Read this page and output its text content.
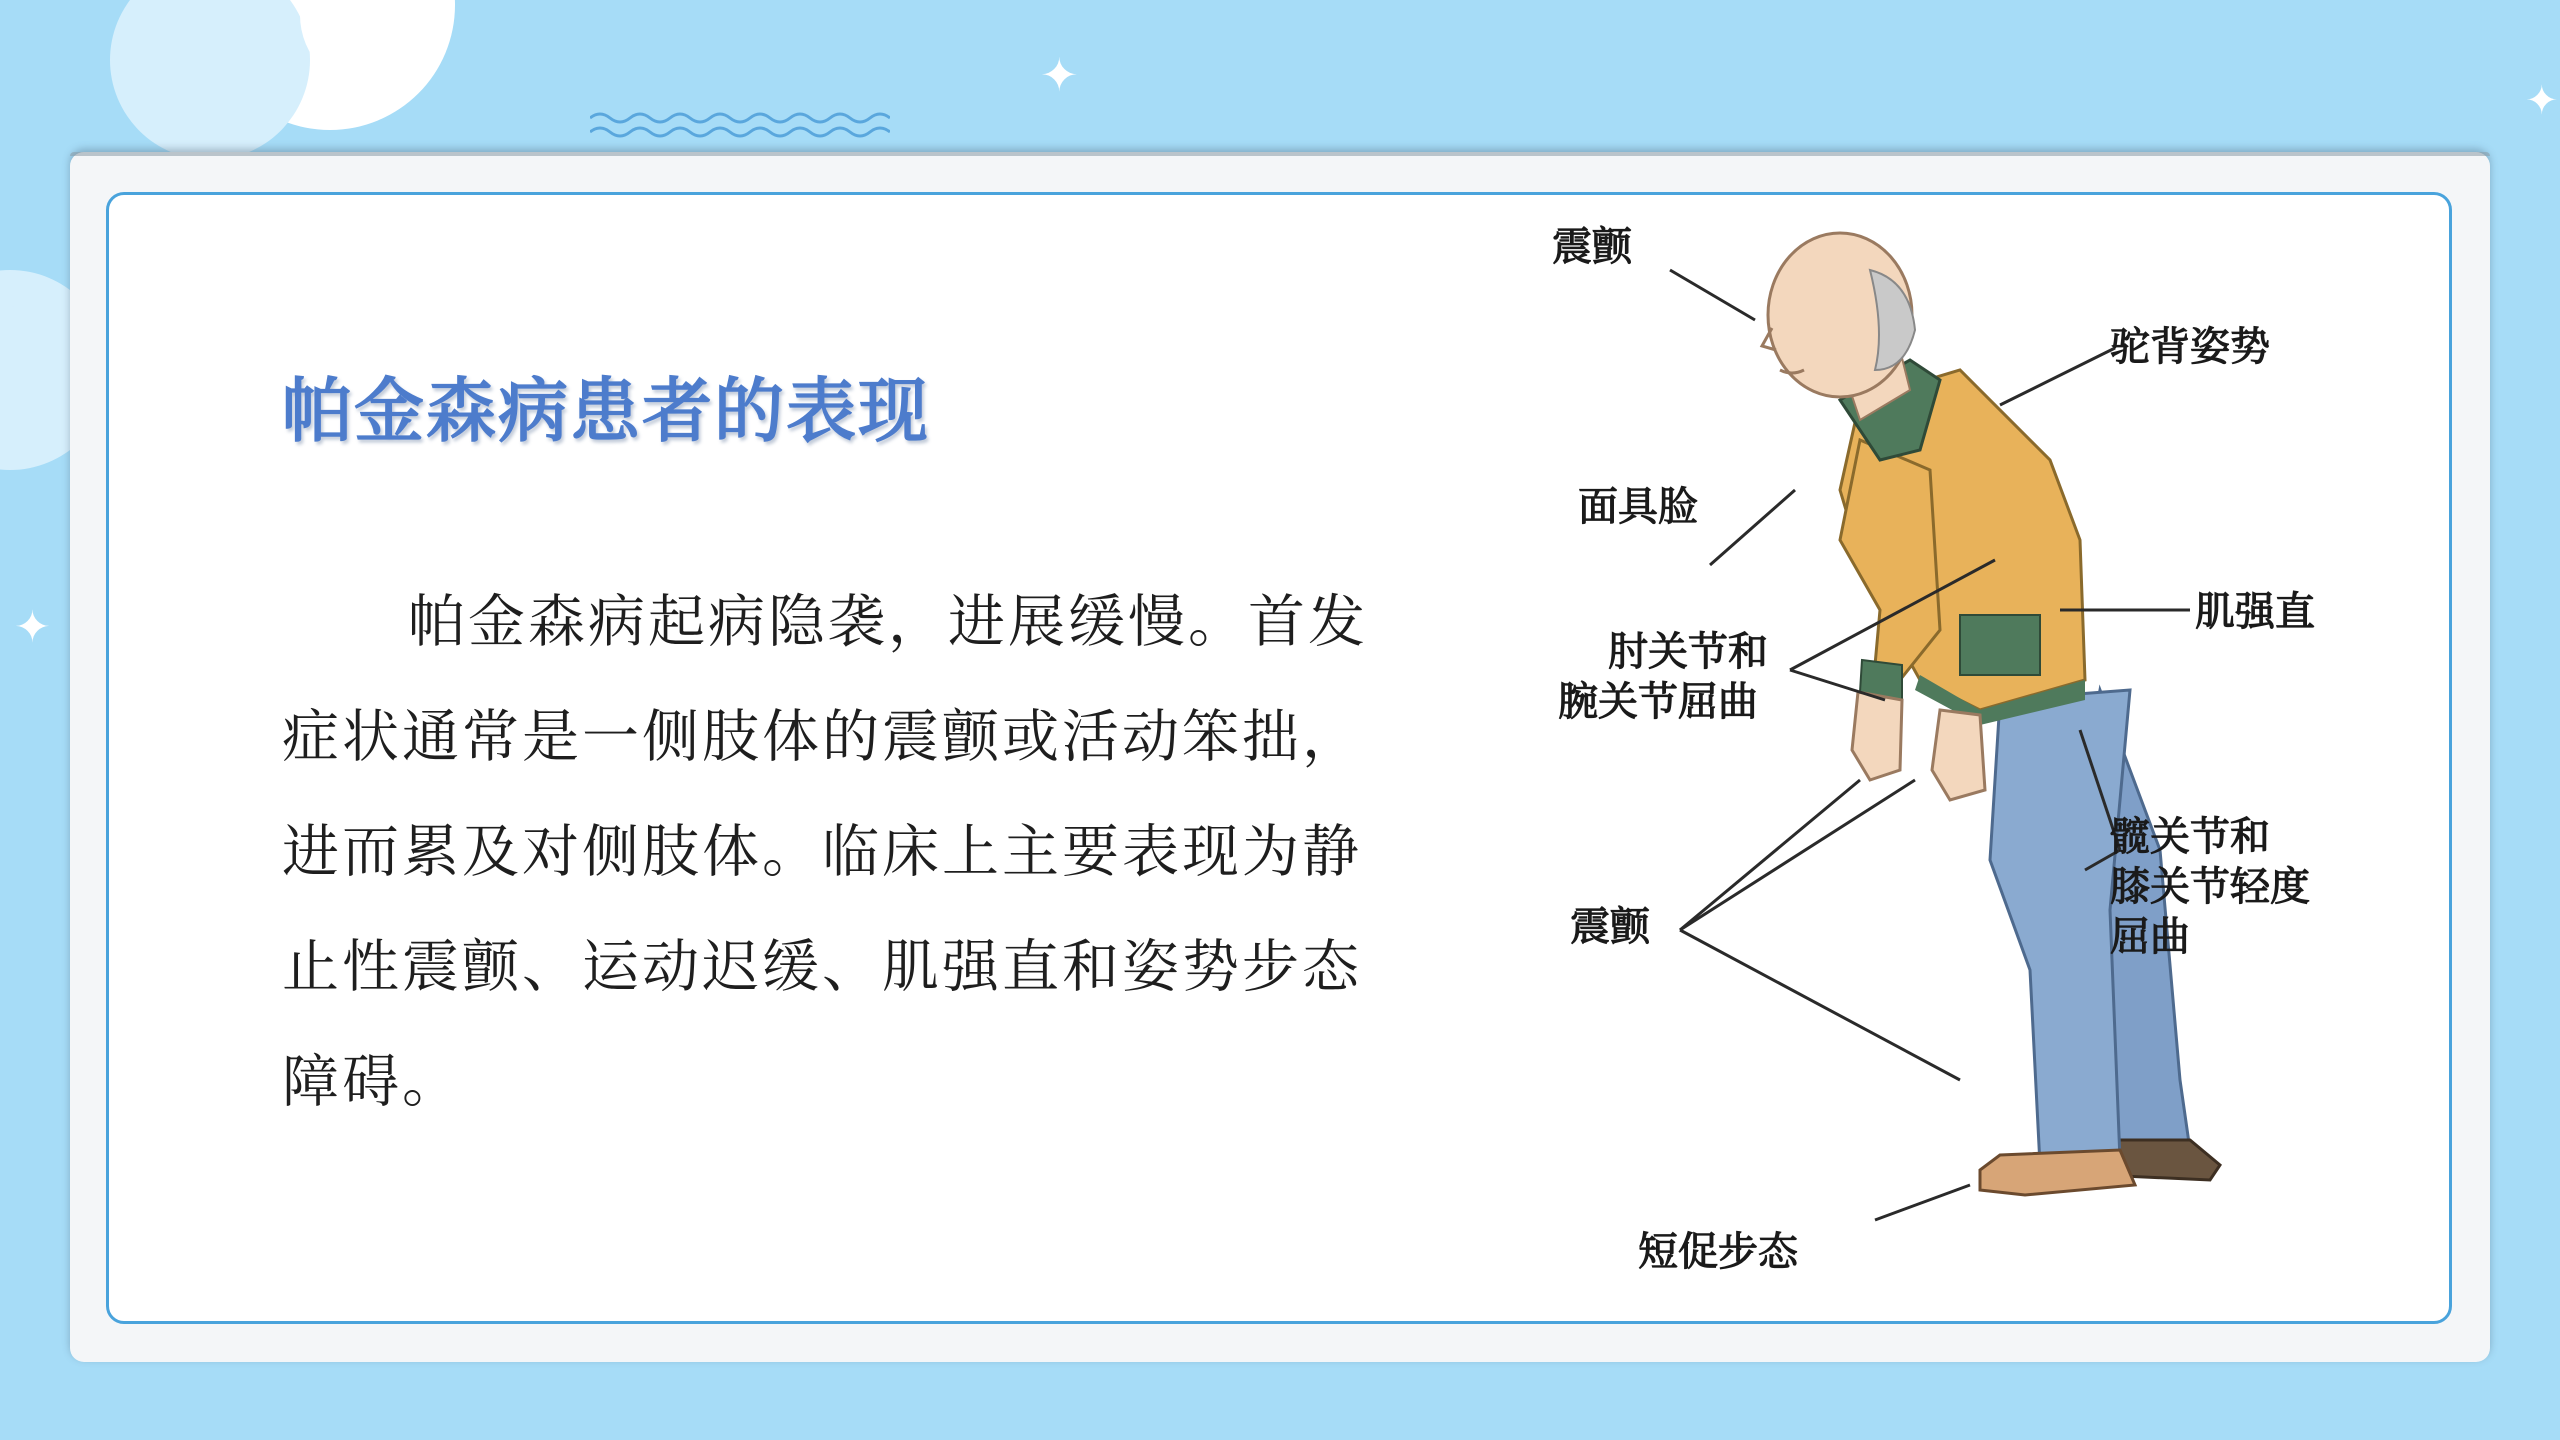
✦	✦
✦
帕金森病患者的表现
帕金森病起病隐袭，进展缓慢。首发症状通常是一侧肢体的震颤或活动笨拙，进而累及对侧肢体。临床上主要表现为静止性震颤、运动迟缓、肌强直和姿势步态障碍。
震颤
驼背姿势
面具脸
肌强直
肘关节和
腕关节屈曲
髋关节和
膝关节轻度
屈曲
震颤
短促步态
